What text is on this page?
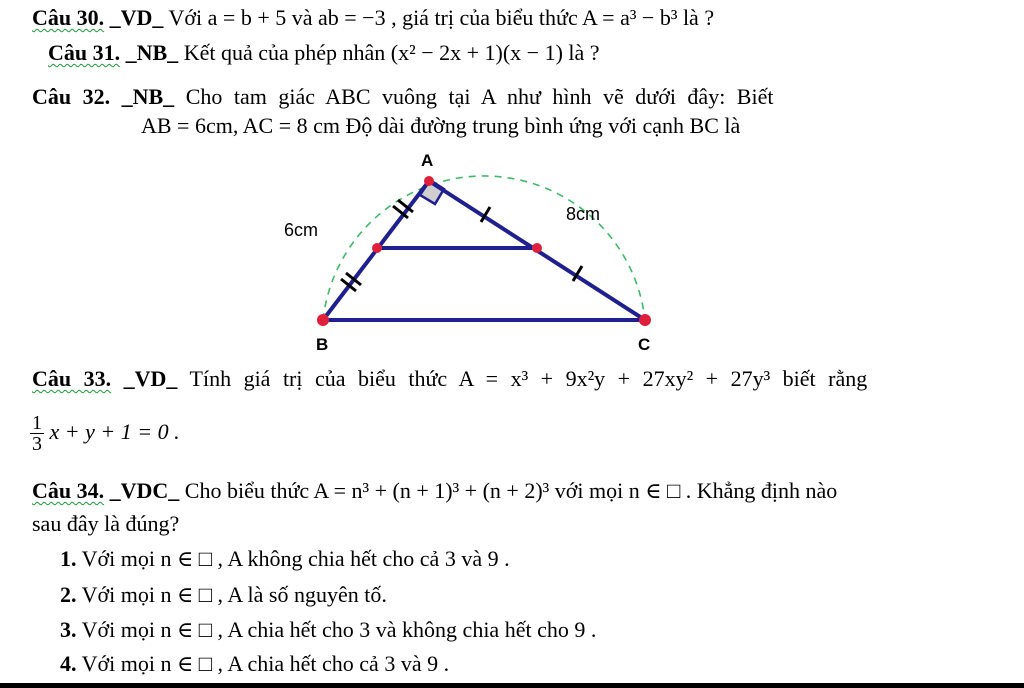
Câu 30. _VD_ Với a = b + 5 và ab = −3 , giá trị của biểu thức A = a³ − b³ là ?
Câu 31. _NB_ Kết quả của phép nhân (x² − 2x + 1)(x − 1) là ?
Câu 32. _NB_ Cho tam giác ABC vuông tại A như hình vẽ dưới đây: Biết
AB = 6cm, AC = 8 cm Độ dài đường trung bình ứng với cạnh BC là
A
B	C
6cm
8cm
Câu 33. _VD_ Tính giá trị của biểu thức A = x³ + 9x²y + 27xy² + 27y³ biết rằng
$\frac{1}{3}$ x + y + 1 = 0 .
Câu 34. _VDC_ Cho biểu thức A = n³ + (n + 1)³ + (n + 2)³ với mọi n ∈ □ . Khẳng định nào
sau đây là đúng?
1. Với mọi n ∈ □ , A không chia hết cho cả 3 và 9 .
2. Với mọi n ∈ □ , A là số nguyên tố.
3. Với mọi n ∈ □ , A chia hết cho 3 và không chia hết cho 9 .
4. Với mọi n ∈ □ , A chia hết cho cả 3 và 9 .
